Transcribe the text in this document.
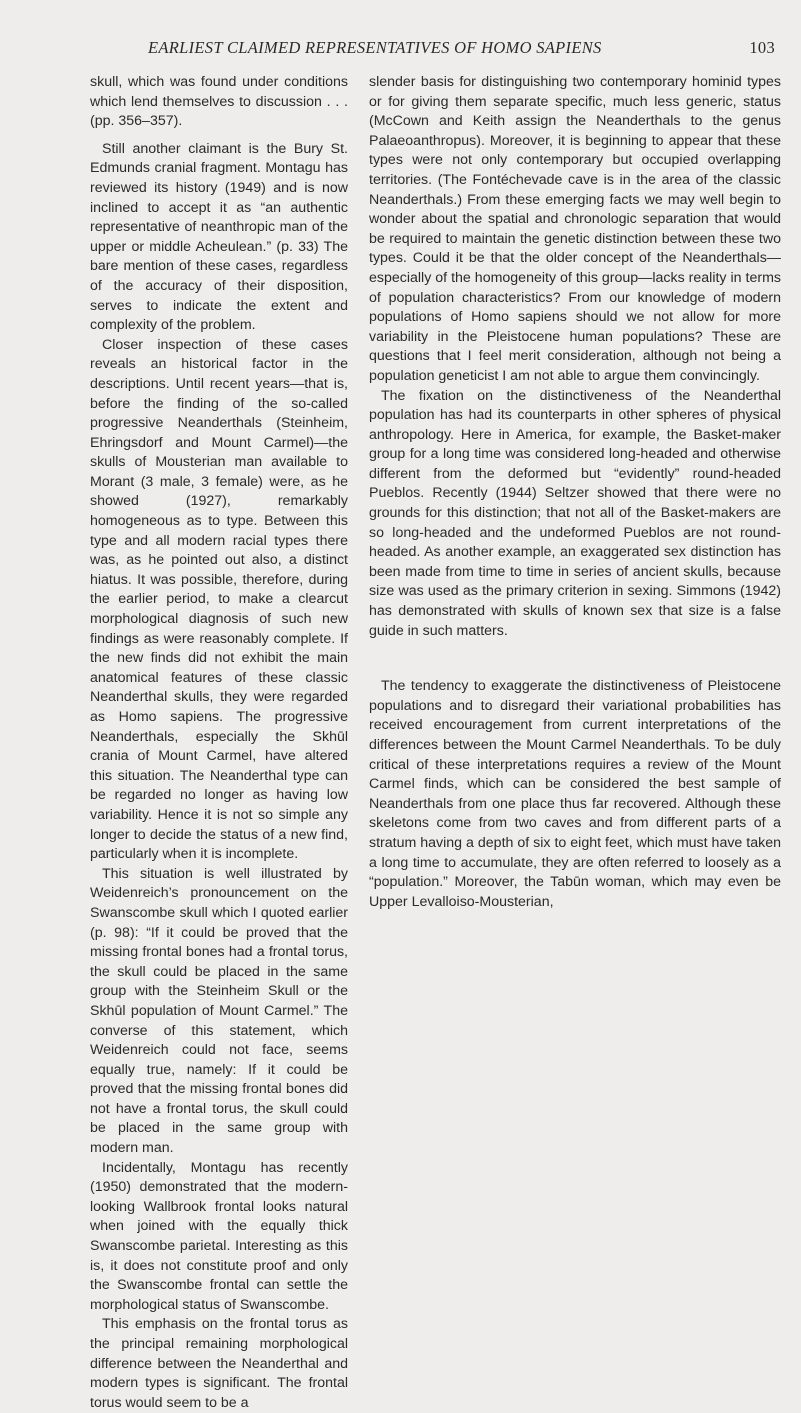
EARLIEST CLAIMED REPRESENTATIVES OF HOMO SAPIENS	103

skull, which was found under conditions which lend themselves to discussion . . . (pp. 356–357).

Still another claimant is the Bury St. Edmunds cranial fragment. Montagu has reviewed its history (1949) and is now inclined to accept it as “an authentic representative of neanthropic man of the upper or middle Acheulean.” (p. 33) The bare mention of these cases, regardless of the accuracy of their disposition, serves to indicate the extent and complexity of the problem.

Closer inspection of these cases reveals an historical factor in the descriptions. Until recent years—that is, before the finding of the so-called progressive Neanderthals (Steinheim, Ehringsdorf and Mount Carmel)—the skulls of Mousterian man available to Morant (3 male, 3 female) were, as he showed (1927), remarkably homogeneous as to type. Between this type and all modern racial types there was, as he pointed out also, a distinct hiatus. It was possible, therefore, during the earlier period, to make a clearcut morphological diagnosis of such new findings as were reasonably complete. If the new finds did not exhibit the main anatomical features of these classic Neanderthal skulls, they were regarded as Homo sapiens. The progressive Neanderthals, especially the Skhūl crania of Mount Carmel, have altered this situation. The Neanderthal type can be regarded no longer as having low variability. Hence it is not so simple any longer to decide the status of a new find, particularly when it is incomplete.

This situation is well illustrated by Weidenreich’s pronouncement on the Swanscombe skull which I quoted earlier (p. 98): “If it could be proved that the missing frontal bones had a frontal torus, the skull could be placed in the same group with the Steinheim Skull or the Skhūl population of Mount Carmel.” The converse of this statement, which Weidenreich could not face, seems equally true, namely: If it could be proved that the missing frontal bones did not have a frontal torus, the skull could be placed in the same group with modern man.

Incidentally, Montagu has recently (1950) demonstrated that the modern-looking Wallbrook frontal looks natural when joined with the equally thick Swanscombe parietal. Interesting as this is, it does not constitute proof and only the Swanscombe frontal can settle the morphological status of Swanscombe.

This emphasis on the frontal torus as the principal remaining morphological difference between the Neanderthal and modern types is significant. The frontal torus would seem to be a

slender basis for distinguishing two contemporary hominid types or for giving them separate specific, much less generic, status (McCown and Keith assign the Neanderthals to the genus Palaeoanthropus). Moreover, it is beginning to appear that these types were not only contemporary but occupied overlapping territories. (The Fontéchevade cave is in the area of the classic Neanderthals.) From these emerging facts we may well begin to wonder about the spatial and chronologic separation that would be required to maintain the genetic distinction between these two types. Could it be that the older concept of the Neanderthals—especially of the homogeneity of this group—lacks reality in terms of population characteristics? From our knowledge of modern populations of Homo sapiens should we not allow for more variability in the Pleistocene human populations? These are questions that I feel merit consideration, although not being a population geneticist I am not able to argue them convincingly.

The fixation on the distinctiveness of the Neanderthal population has had its counterparts in other spheres of physical anthropology. Here in America, for example, the Basket-maker group for a long time was considered long-headed and otherwise different from the deformed but “evidently” round-headed Pueblos. Recently (1944) Seltzer showed that there were no grounds for this distinction; that not all of the Basket-makers are so long-headed and the undeformed Pueblos are not round-headed. As another example, an exaggerated sex distinction has been made from time to time in series of ancient skulls, because size was used as the primary criterion in sexing. Simmons (1942) has demonstrated with skulls of known sex that size is a false guide in such matters.

The tendency to exaggerate the distinctiveness of Pleistocene populations and to disregard their variational probabilities has received encouragement from current interpretations of the differences between the Mount Carmel Neanderthals. To be duly critical of these interpretations requires a review of the Mount Carmel finds, which can be considered the best sample of Neanderthals from one place thus far recovered. Although these skeletons come from two caves and from different parts of a stratum having a depth of six to eight feet, which must have taken a long time to accumulate, they are often referred to loosely as a “population.” Moreover, the Tabūn woman, which may even be Upper Levalloiso-Mousterian,
